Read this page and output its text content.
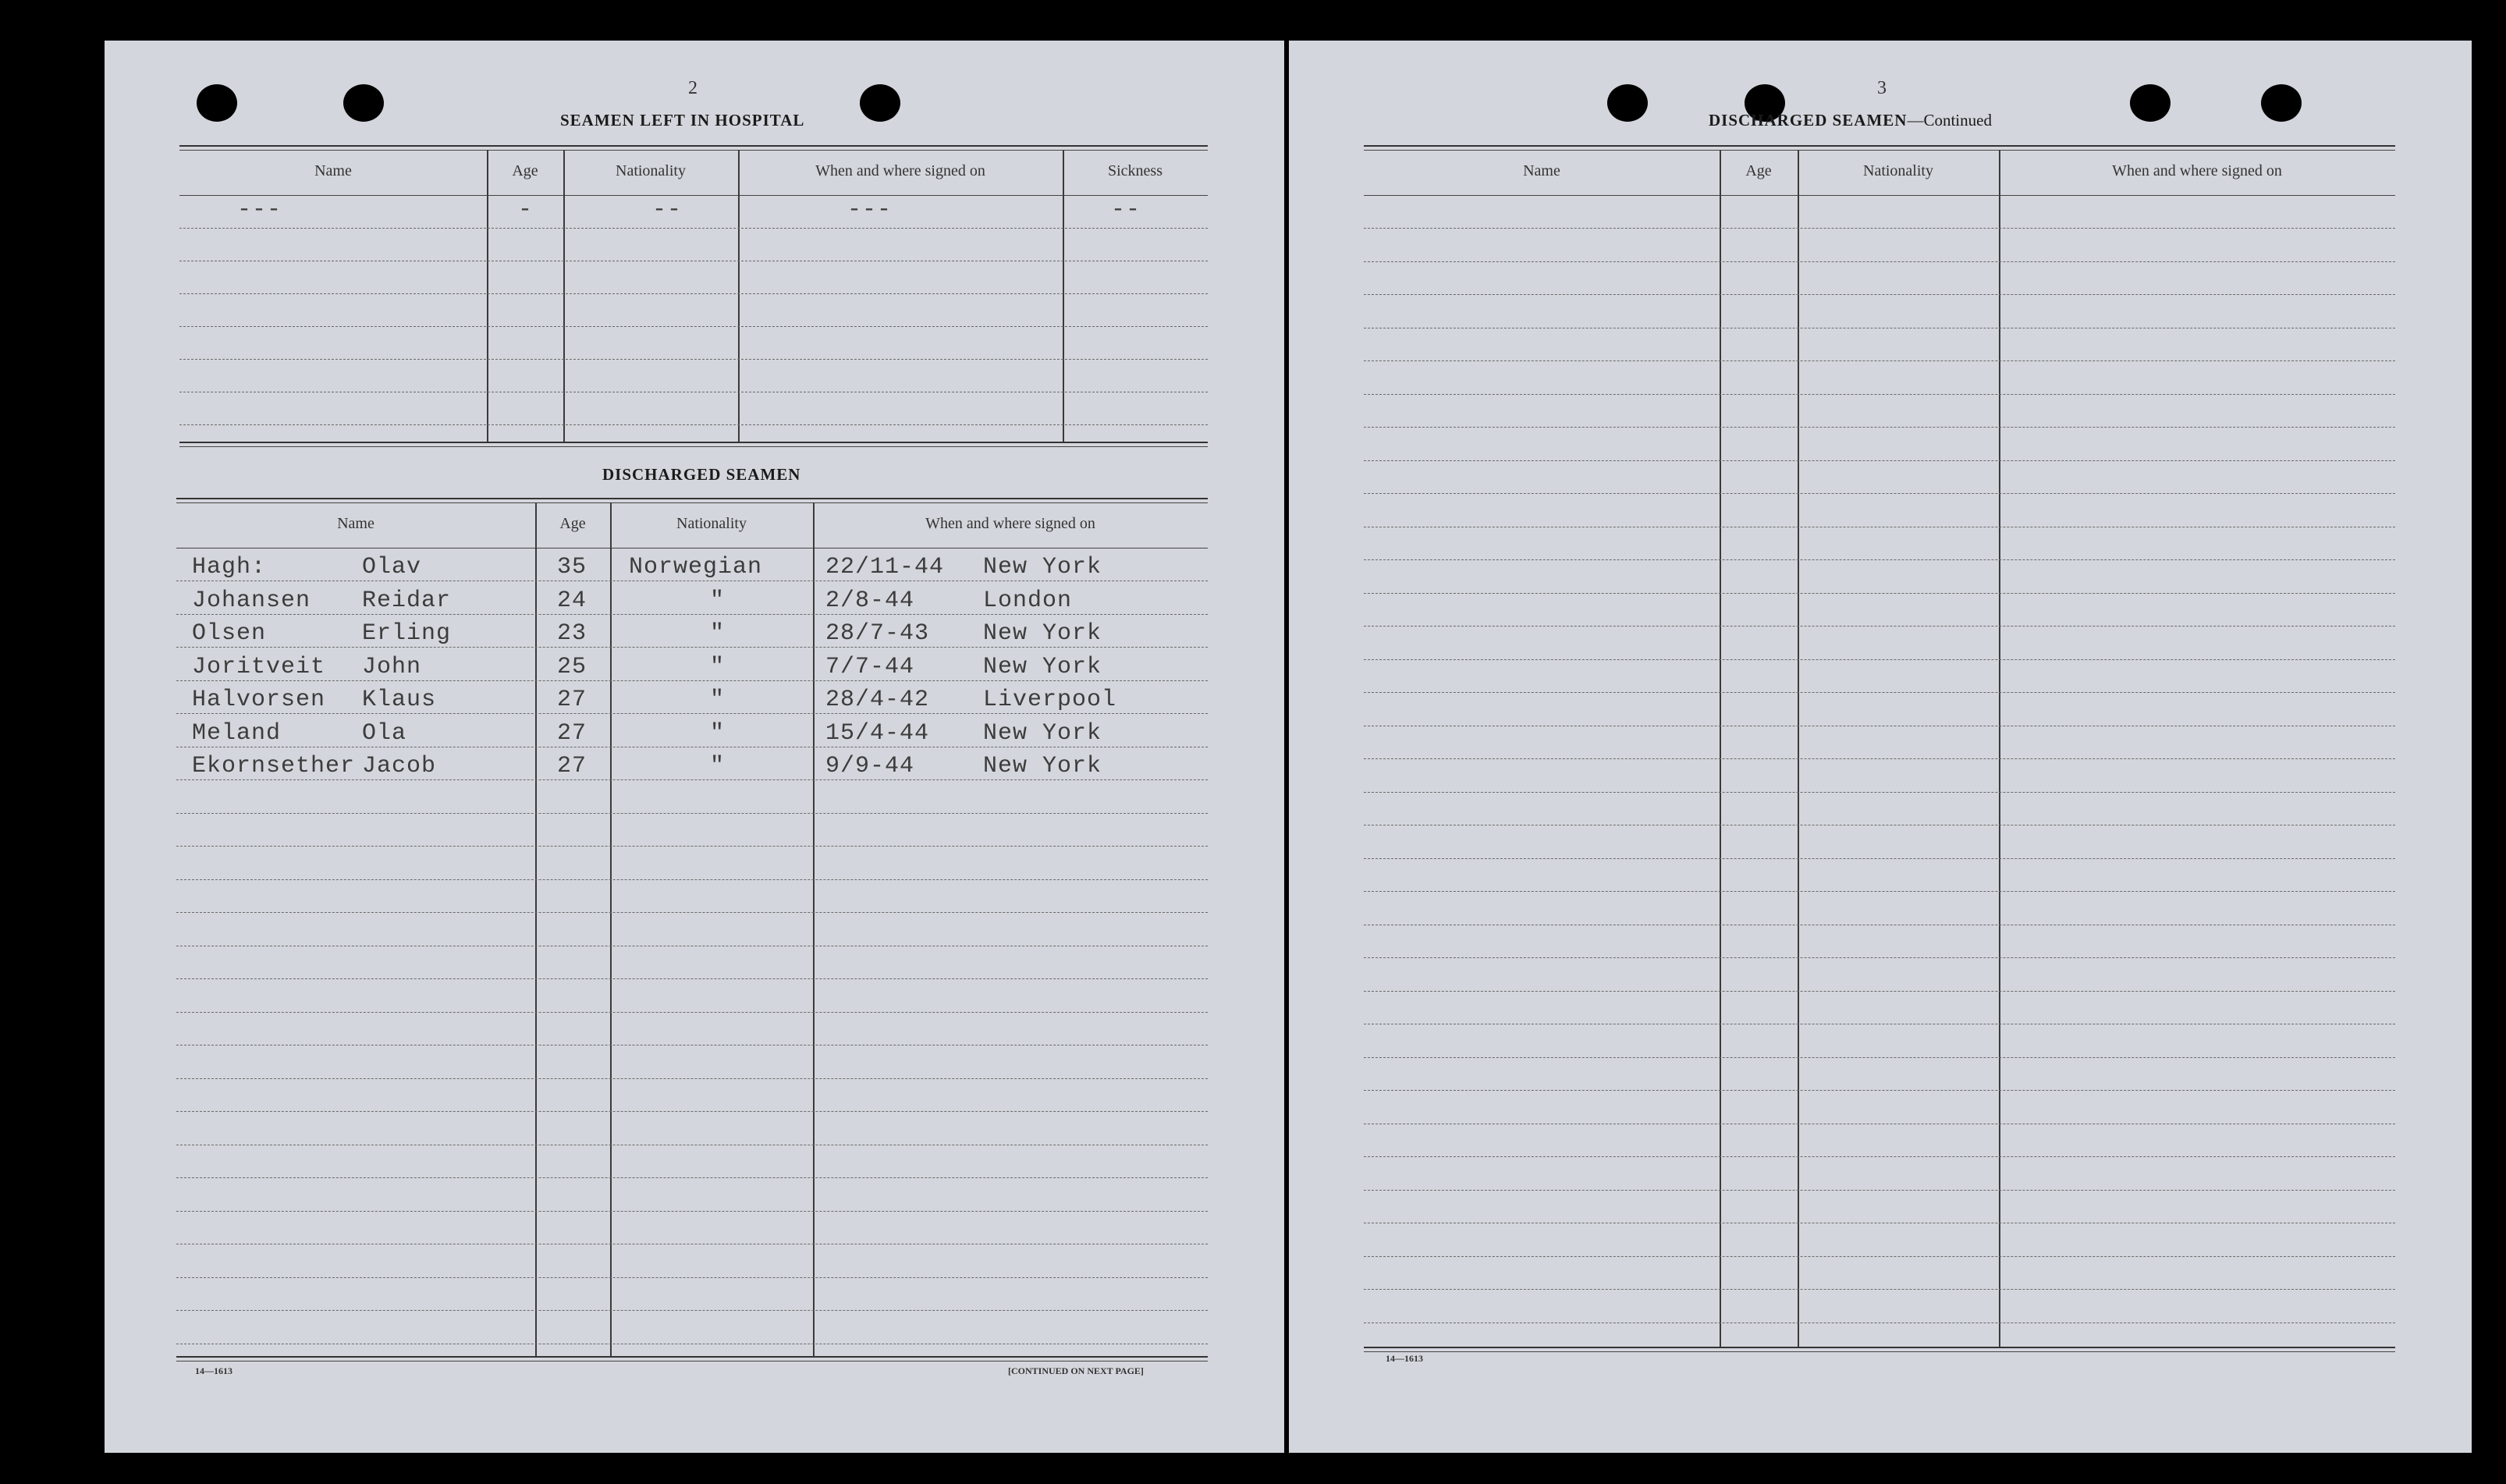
2
SEAMEN LEFT IN HOSPITAL
Name	Age	Nationality	When and where signed on	Sickness
---	-	--	---	--
DISCHARGED SEAMEN
Name	Age	Nationality	When and where signed on
Hagh:	Olav	35 Norwegian	22/11-44 New York
Johansen Reidar	24	"	2/8-44	London
Olsen	Erling	23	"	28/7-43 New York
Joritveit John	25	"	7/7-44	New York
Halvorsen Klaus	27	"	28/4-42 Liverpool
Meland	Ola	27	"	15/4-44 New York
Ekornsether Jacob	27	"	9/9-44	New York
14—1613	[CONTINUED ON NEXT PAGE]
3
DISCHARGED SEAMEN—Continued
Name	Age	Nationality	When and where signed on
14—1613
